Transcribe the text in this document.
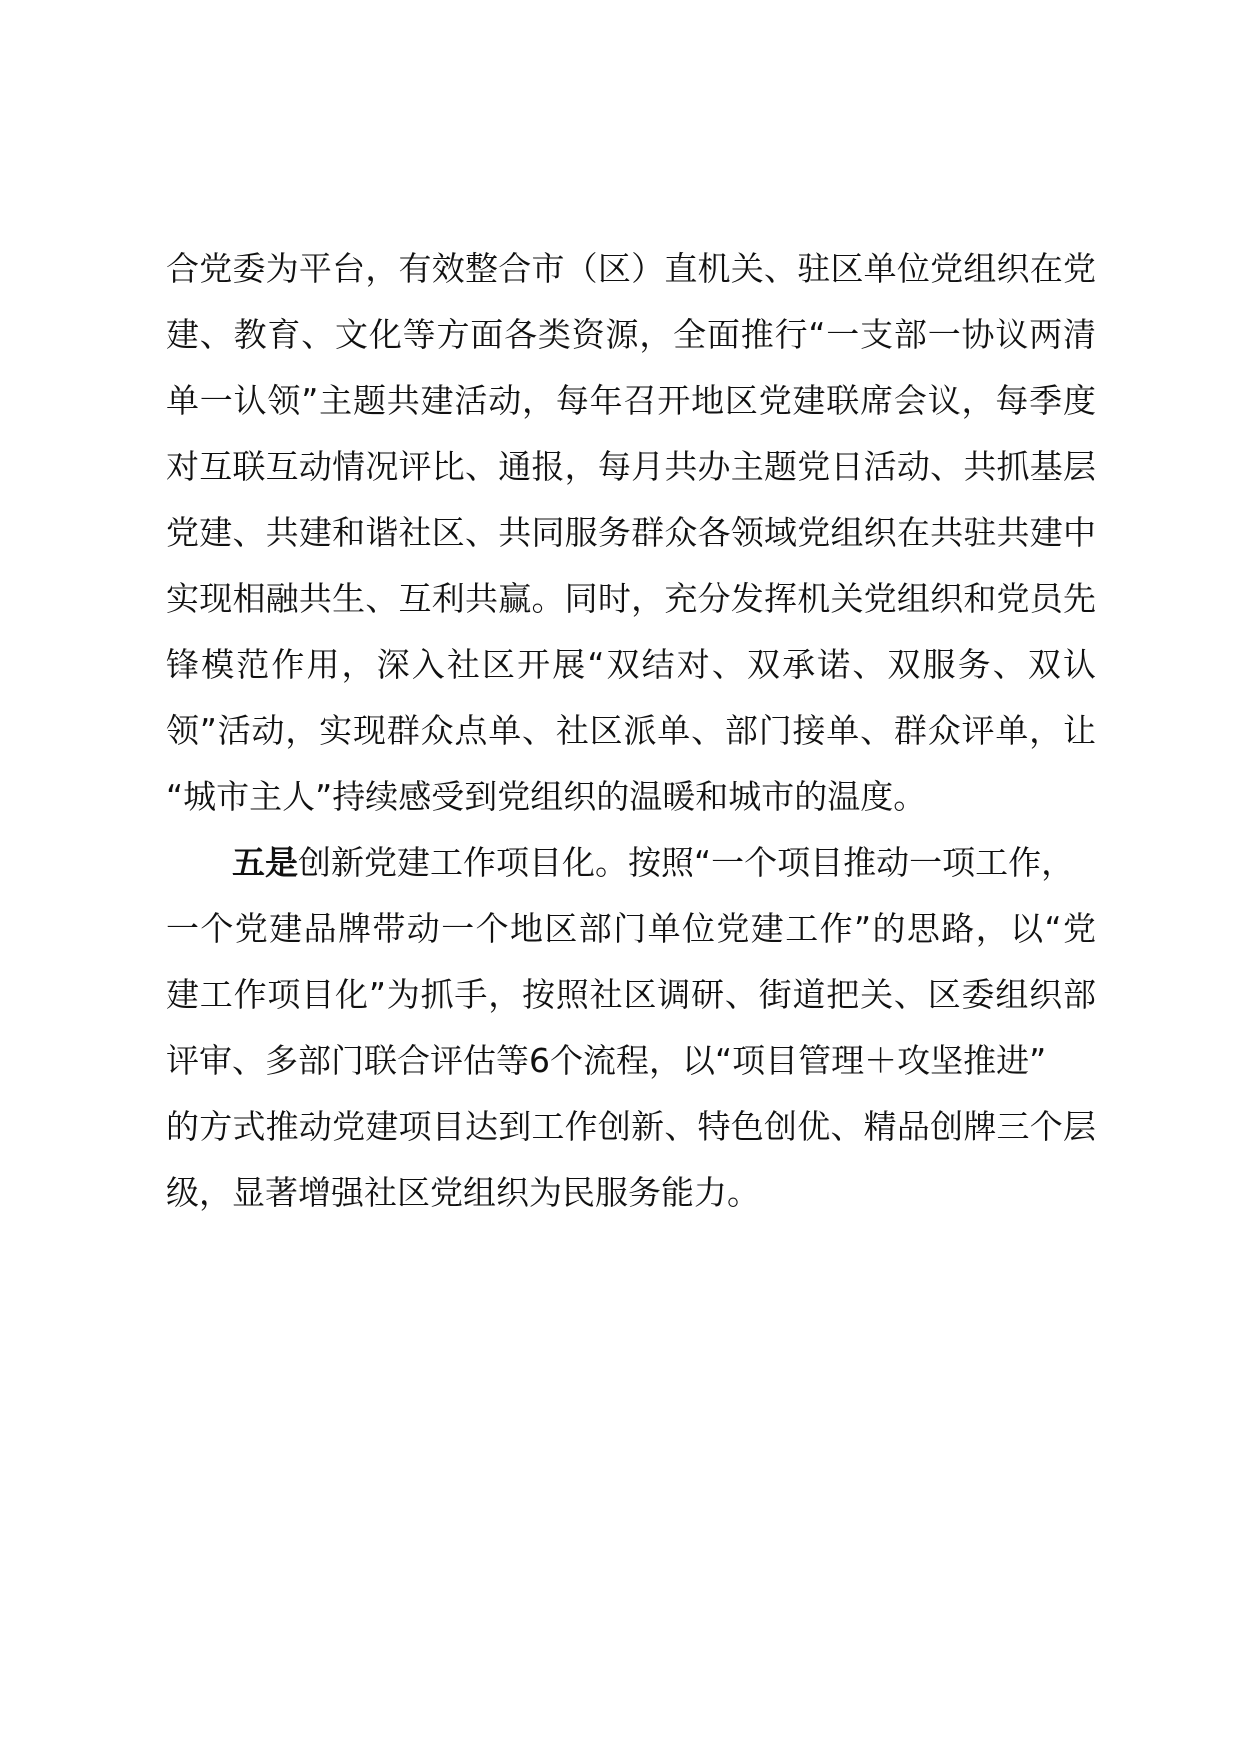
合党委为平台，有效整合市（区）直机关、驻区单位党组织在党
建、教育、文化等方面各类资源，全面推行“一支部一协议两清
单一认领”主题共建活动，每年召开地区党建联席会议，每季度
对互联互动情况评比、通报，每月共办主题党日活动、共抓基层
党建、共建和谐社区、共同服务群众各领域党组织在共驻共建中
实现相融共生、互利共赢。同时，充分发挥机关党组织和党员先
锋模范作用，深入社区开展“双结对、双承诺、双服务、双认
领”活动，实现群众点单、社区派单、部门接单、群众评单，让
“城市主人”持续感受到党组织的温暖和城市的温度。
五是创新党建工作项目化。按照“一个项目推动一项工作，
一个党建品牌带动一个地区部门单位党建工作”的思路，以“党
建工作项目化”为抓手，按照社区调研、街道把关、区委组织部
评审、多部门联合评估等6个流程，以“项目管理＋攻坚推进”
的方式推动党建项目达到工作创新、特色创优、精品创牌三个层
级，显著增强社区党组织为民服务能力。
